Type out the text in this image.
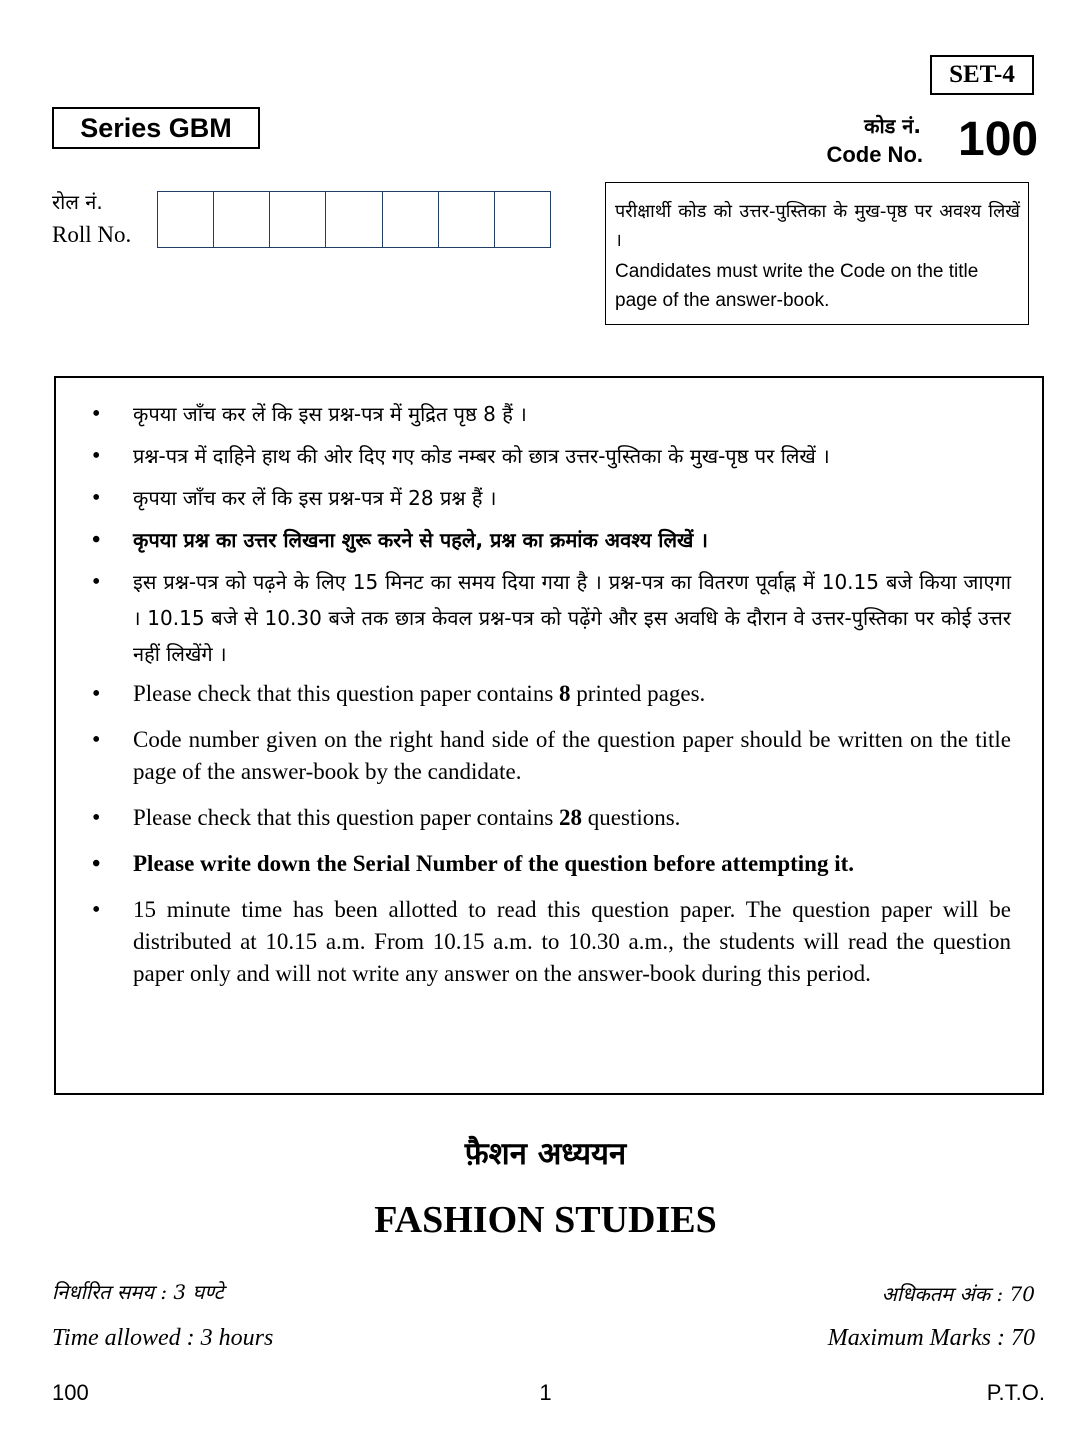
SET-4
Series GBM	कोड नं.
Code No. 100
रोल नं.
Roll No.
परीक्षार्थी कोड को उत्तर-पुस्तिका के मुख-पृष्ठ पर अवश्य लिखें ।
Candidates must write the Code on the title page of the answer-book.
• कृपया जाँच कर लें कि इस प्रश्न-पत्र में मुद्रित पृष्ठ 8 हैं ।
• प्रश्न-पत्र में दाहिने हाथ की ओर दिए गए कोड नम्बर को छात्र उत्तर-पुस्तिका के मुख-पृष्ठ पर लिखें ।
• कृपया जाँच कर लें कि इस प्रश्न-पत्र में 28 प्रश्न हैं ।
• कृपया प्रश्न का उत्तर लिखना शुरू करने से पहले, प्रश्न का क्रमांक अवश्य लिखें ।
• इस प्रश्न-पत्र को पढ़ने के लिए 15 मिनट का समय दिया गया है । प्रश्न-पत्र का वितरण पूर्वाह्न में 10.15 बजे किया जाएगा । 10.15 बजे से 10.30 बजे तक छात्र केवल प्रश्न-पत्र को पढ़ेंगे और इस अवधि के दौरान वे उत्तर-पुस्तिका पर कोई उत्तर नहीं लिखेंगे ।
• Please check that this question paper contains 8 printed pages.
• Code number given on the right hand side of the question paper should be written on the title page of the answer-book by the candidate.
• Please check that this question paper contains 28 questions.
• Please write down the Serial Number of the question before attempting it.
• 15 minute time has been allotted to read this question paper. The question paper will be distributed at 10.15 a.m. From 10.15 a.m. to 10.30 a.m., the students will read the question paper only and will not write any answer on the answer-book during this period.
फ़ैशन अध्ययन
FASHION STUDIES
निर्धारित समय : 3 घण्टे	अधिकतम अंक : 70
Time allowed : 3 hours	Maximum Marks : 70
100	1	P.T.O.
